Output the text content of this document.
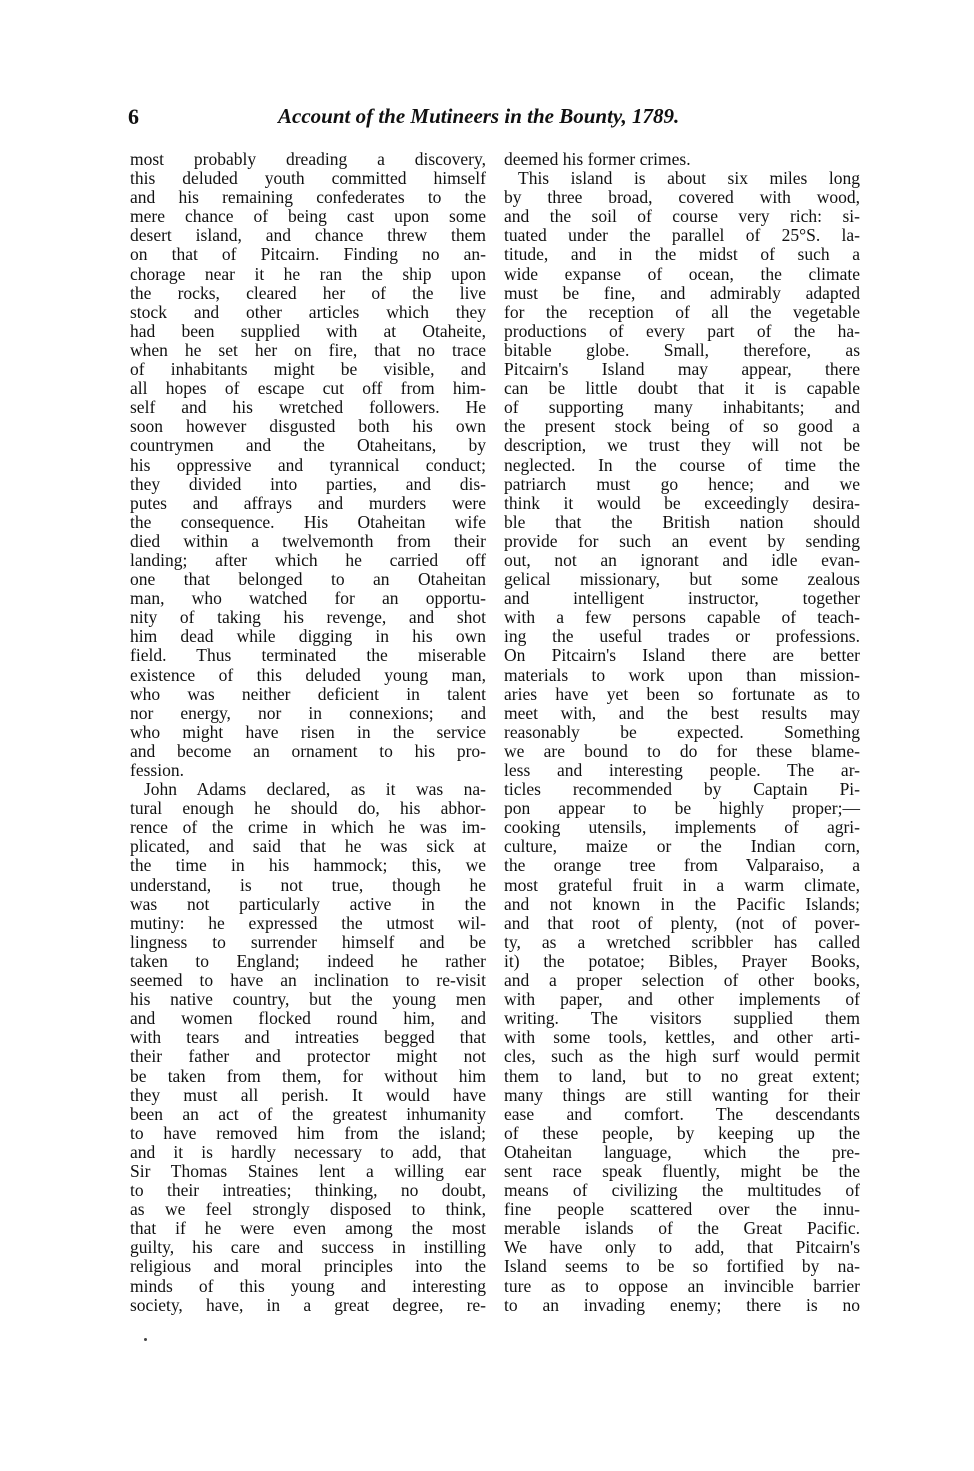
6	Account of the Mutineers in the Bounty, 1789.
most probably dreading a discovery,
this deluded youth committed himself
and his remaining confederates to the
mere chance of being cast upon some
desert island, and chance threw them
on that of Pitcairn. Finding no an-
chorage near it he ran the ship upon
the rocks, cleared her of the live
stock and other articles which they
had been supplied with at Otaheite,
when he set her on fire, that no trace
of inhabitants might be visible, and
all hopes of escape cut off from him-
self and his wretched followers. He
soon however disgusted both his own
countrymen and the Otaheitans, by
his oppressive and tyrannical conduct;
they divided into parties, and dis-
putes and affrays and murders were
the consequence. His Otaheitan wife
died within a twelvemonth from their
landing; after which he carried off
one that belonged to an Otaheitan
man, who watched for an opportu-
nity of taking his revenge, and shot
him dead while digging in his own
field. Thus terminated the miserable
existence of this deluded young man,
who was neither deficient in talent
nor energy, nor in connexions; and
who might have risen in the service
and become an ornament to his pro-
fession.
John Adams declared, as it was na-
tural enough he should do, his abhor-
rence of the crime in which he was im-
plicated, and said that he was sick at
the time in his hammock; this, we
understand, is not true, though he
was not particularly active in the
mutiny: he expressed the utmost wil-
lingness to surrender himself and be
taken to England; indeed he rather
seemed to have an inclination to re-visit
his native country, but the young men
and women flocked round him, and
with tears and intreaties begged that
their father and protector might not
be taken from them, for without him
they must all perish. It would have
been an act of the greatest inhumanity
to have removed him from the island;
and it is hardly necessary to add, that
Sir Thomas Staines lent a willing ear
to their intreaties; thinking, no doubt,
as we feel strongly disposed to think,
that if he were even among the most
guilty, his care and success in instilling
religious and moral principles into the
minds of this young and interesting
society, have, in a great degree, re-
deemed his former crimes.
This island is about six miles long
by three broad, covered with wood,
and the soil of course very rich: si-
tuated under the parallel of 25°S. la-
titude, and in the midst of such a
wide expanse of ocean, the climate
must be fine, and admirably adapted
for the reception of all the vegetable
productions of every part of the ha-
bitable globe. Small, therefore, as
Pitcairn's Island may appear, there
can be little doubt that it is capable
of supporting many inhabitants; and
the present stock being of so good a
description, we trust they will not be
neglected. In the course of time the
patriarch must go hence; and we
think it would be exceedingly desira-
ble that the British nation should
provide for such an event by sending
out, not an ignorant and idle evan-
gelical missionary, but some zealous
and intelligent instructor, together
with a few persons capable of teach-
ing the useful trades or professions.
On Pitcairn's Island there are better
materials to work upon than mission-
aries have yet been so fortunate as to
meet with, and the best results may
reasonably be expected. Something
we are bound to do for these blame-
less and interesting people. The ar-
ticles recommended by Captain Pi-
pon appear to be highly proper;—
cooking utensils, implements of agri-
culture, maize or the Indian corn,
the orange tree from Valparaiso, a
most grateful fruit in a warm climate,
and not known in the Pacific Islands;
and that root of plenty, (not of pover-
ty, as a wretched scribbler has called
it) the potatoe; Bibles, Prayer Books,
and a proper selection of other books,
with paper, and other implements of
writing. The visitors supplied them
with some tools, kettles, and other arti-
cles, such as the high surf would permit
them to land, but to no great extent;
many things are still wanting for their
ease and comfort. The descendants
of these people, by keeping up the
Otaheitan language, which the pre-
sent race speak fluently, might be the
means of civilizing the multitudes of
fine people scattered over the innu-
merable islands of the Great Pacific.
We have only to add, that Pitcairn's
Island seems to be so fortified by na-
ture as to oppose an invincible barrier
to an invading enemy; there is no
